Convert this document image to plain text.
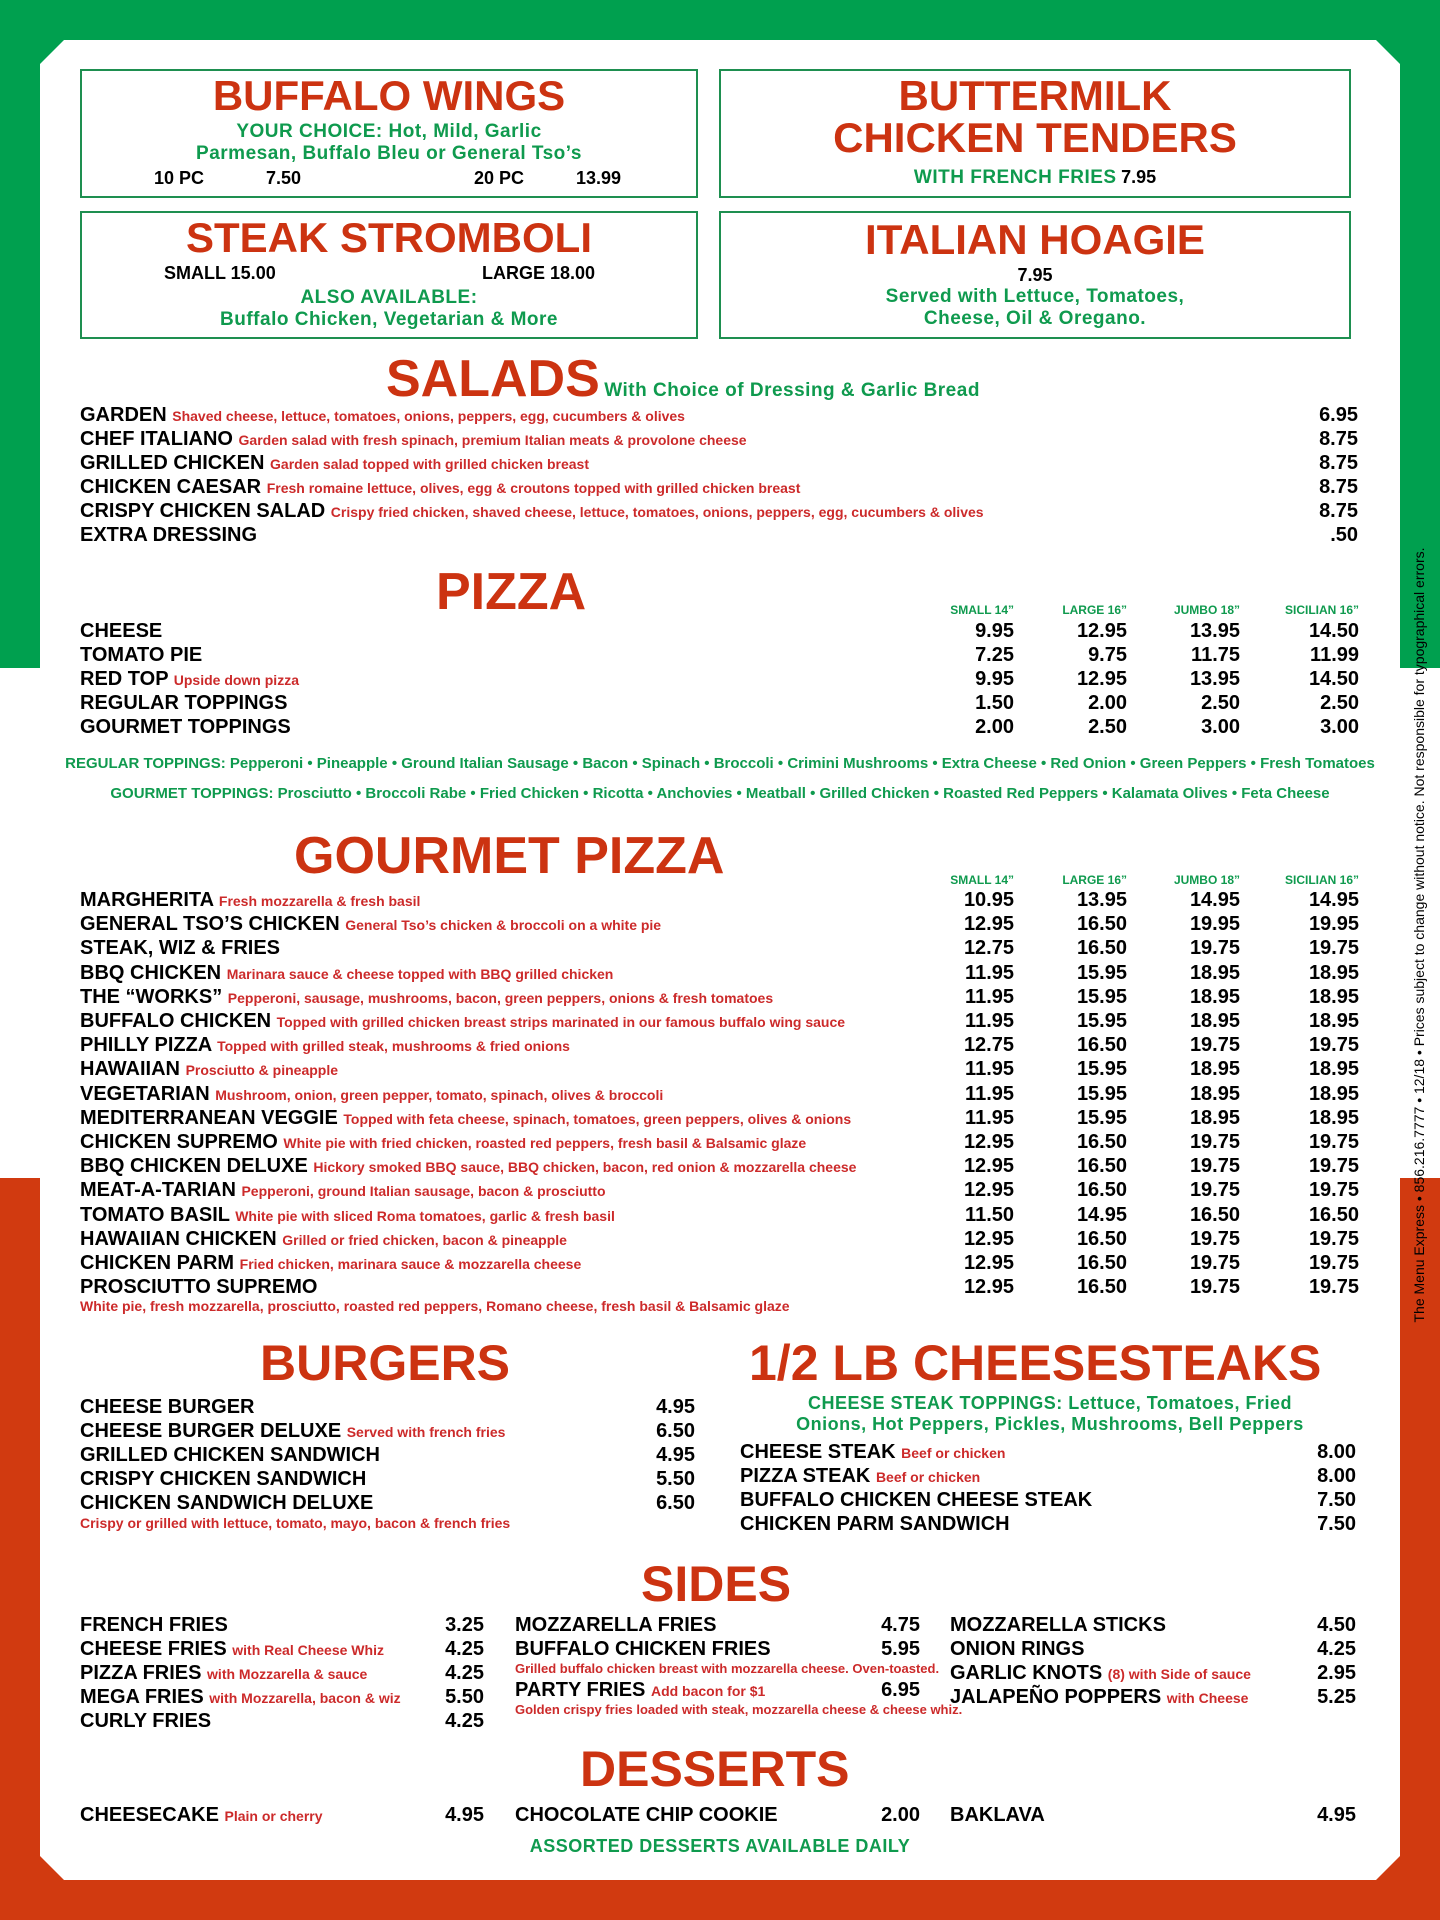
The Menu Express • 856.216.7777 • 12/18 • Prices subject to change without notice. Not responsible for typographical errors.
BUFFALO WINGS
YOUR CHOICE: Hot, Mild, Garlic
Parmesan, Buffalo Bleu or General Tso’s
10 PC	7.50	20 PC	13.99
BUTTERMILK
CHICKEN TENDERS
WITH FRENCH FRIES 7.95
STEAK STROMBOLI
SMALL 15.00	LARGE 18.00
ALSO AVAILABLE:
Buffalo Chicken, Vegetarian & More
ITALIAN HOAGIE
7.95
Served with Lettuce, Tomatoes,
Cheese, Oil & Oregano.
SALADS With Choice of Dressing & Garlic Bread
GARDEN Shaved cheese, lettuce, tomatoes, onions, peppers, egg, cucumbers & olives	6.95
CHEF ITALIANO Garden salad with fresh spinach, premium Italian meats & provolone cheese	8.75
GRILLED CHICKEN Garden salad topped with grilled chicken breast	8.75
CHICKEN CAESAR Fresh romaine lettuce, olives, egg & croutons topped with grilled chicken breast	8.75
CRISPY CHICKEN SALAD Crispy fried chicken, shaved cheese, lettuce, tomatoes, onions, peppers, egg, cucumbers & olives	8.75
EXTRA DRESSING	.50
PIZZA	SMALL 14”	LARGE 16”	JUMBO 18”	SICILIAN 16”
CHEESE	9.95	12.95	13.95	14.50
TOMATO PIE	7.25	9.75	11.75	11.99
RED TOP Upside down pizza	9.95	12.95	13.95	14.50
REGULAR TOPPINGS	1.50	2.00	2.50	2.50
GOURMET TOPPINGS	2.00	2.50	3.00	3.00
REGULAR TOPPINGS: Pepperoni • Pineapple • Ground Italian Sausage • Bacon • Spinach • Broccoli • Crimini Mushrooms • Extra Cheese • Red Onion • Green Peppers • Fresh Tomatoes
GOURMET TOPPINGS: Prosciutto • Broccoli Rabe • Fried Chicken • Ricotta • Anchovies • Meatball • Grilled Chicken • Roasted Red Peppers • Kalamata Olives • Feta Cheese
GOURMET PIZZA	SMALL 14”	LARGE 16”	JUMBO 18”	SICILIAN 16”
MARGHERITA Fresh mozzarella & fresh basil	10.95	13.95	14.95	14.95
GENERAL TSO’S CHICKEN General Tso’s chicken & broccoli on a white pie	12.95	16.50	19.95	19.95
STEAK, WIZ & FRIES	12.75	16.50	19.75	19.75
BBQ CHICKEN Marinara sauce & cheese topped with BBQ grilled chicken	11.95	15.95	18.95	18.95
THE “WORKS” Pepperoni, sausage, mushrooms, bacon, green peppers, onions & fresh tomatoes	11.95	15.95	18.95	18.95
BUFFALO CHICKEN Topped with grilled chicken breast strips marinated in our famous buffalo wing sauce	11.95	15.95	18.95	18.95
PHILLY PIZZA Topped with grilled steak, mushrooms & fried onions	12.75	16.50	19.75	19.75
HAWAIIAN Prosciutto & pineapple	11.95	15.95	18.95	18.95
VEGETARIAN Mushroom, onion, green pepper, tomato, spinach, olives & broccoli	11.95	15.95	18.95	18.95
MEDITERRANEAN VEGGIE Topped with feta cheese, spinach, tomatoes, green peppers, olives & onions	11.95	15.95	18.95	18.95
CHICKEN SUPREMO White pie with fried chicken, roasted red peppers, fresh basil & Balsamic glaze	12.95	16.50	19.75	19.75
BBQ CHICKEN DELUXE Hickory smoked BBQ sauce, BBQ chicken, bacon, red onion & mozzarella cheese	12.95	16.50	19.75	19.75
MEAT-A-TARIAN Pepperoni, ground Italian sausage, bacon & prosciutto	12.95	16.50	19.75	19.75
TOMATO BASIL White pie with sliced Roma tomatoes, garlic & fresh basil	11.50	14.95	16.50	16.50
HAWAIIAN CHICKEN Grilled or fried chicken, bacon & pineapple	12.95	16.50	19.75	19.75
CHICKEN PARM Fried chicken, marinara sauce & mozzarella cheese	12.95	16.50	19.75	19.75
PROSCIUTTO SUPREMO	12.95	16.50	19.75	19.75
White pie, fresh mozzarella, prosciutto, roasted red peppers, Romano cheese, fresh basil & Balsamic glaze
BURGERS
CHEESE BURGER	4.95
CHEESE BURGER DELUXE Served with french fries	6.50
GRILLED CHICKEN SANDWICH	4.95
CRISPY CHICKEN SANDWICH	5.50
CHICKEN SANDWICH DELUXE	6.50
Crispy or grilled with lettuce, tomato, mayo, bacon & french fries
1/2 LB CHEESESTEAKS
CHEESE STEAK TOPPINGS: Lettuce, Tomatoes, Fried
Onions, Hot Peppers, Pickles, Mushrooms, Bell Peppers
CHEESE STEAK Beef or chicken	8.00
PIZZA STEAK Beef or chicken	8.00
BUFFALO CHICKEN CHEESE STEAK	7.50
CHICKEN PARM SANDWICH	7.50
SIDES
FRENCH FRIES	3.25
CHEESE FRIES with Real Cheese Whiz	4.25
PIZZA FRIES with Mozzarella & sauce	4.25
MEGA FRIES with Mozzarella, bacon & wiz	5.50
CURLY FRIES	4.25
MOZZARELLA FRIES	4.75
BUFFALO CHICKEN FRIES	5.95
Grilled buffalo chicken breast with mozzarella cheese. Oven-toasted.
PARTY FRIES Add bacon for $1	6.95
Golden crispy fries loaded with steak, mozzarella cheese & cheese whiz.
MOZZARELLA STICKS	4.50
ONION RINGS	4.25
GARLIC KNOTS (8) with Side of sauce	2.95
JALAPEÑO POPPERS with Cheese	5.25
DESSERTS
CHEESECAKE Plain or cherry	4.95 CHOCOLATE CHIP COOKIE	2.00 BAKLAVA	4.95
ASSORTED DESSERTS AVAILABLE DAILY
